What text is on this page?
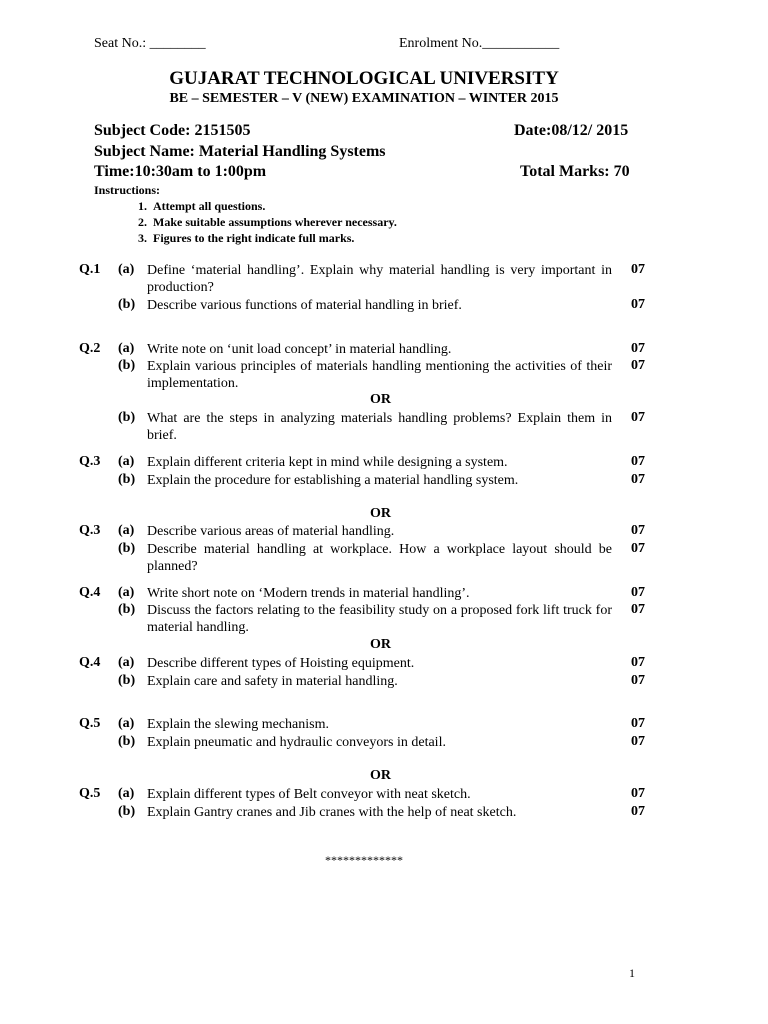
Seat No.: ________	Enrolment No.___________
GUJARAT TECHNOLOGICAL UNIVERSITY
BE – SEMESTER – V (NEW) EXAMINATION – WINTER 2015
Subject Code: 2151505	Date:08/12/ 2015
Subject Name: Material Handling Systems
Time:10:30am to 1:00pm	Total Marks: 70
Instructions:
1.  Attempt all questions.
2.  Make suitable assumptions wherever necessary.
3.  Figures to the right indicate full marks.
Q.1 (a) Define ‘material handling’. Explain why material handling is very important in production?
07
(b) Describe various functions of material handling in brief.	07
Q.2 (a) Write note on ‘unit load concept’ in material handling.	07
(b) Explain various principles of materials handling mentioning the activities of their implementation.
07
OR
(b) What are the steps in analyzing materials handling problems? Explain them in brief.
07
Q.3 (a) Explain different criteria kept in mind while designing a system.	07
(b) Explain the procedure for establishing a material handling system.	07
OR
Q.3 (a) Describe various areas of material handling.	07
(b) Describe material handling at workplace. How a workplace layout should be planned?
07
Q.4 (a) Write short note on ‘Modern trends in material handling’.	07
(b) Discuss the factors relating to the feasibility study on a proposed fork lift truck for material handling.
07
OR
Q.4 (a) Describe different types of Hoisting equipment.	07
(b) Explain care and safety in material handling.	07
Q.5 (a) Explain the slewing mechanism.	07
(b) Explain pneumatic and hydraulic conveyors in detail.	07
OR
Q.5 (a) Explain different types of Belt conveyor with neat sketch.	07
(b) Explain Gantry cranes and Jib cranes with the help of neat sketch.	07
*************
1
